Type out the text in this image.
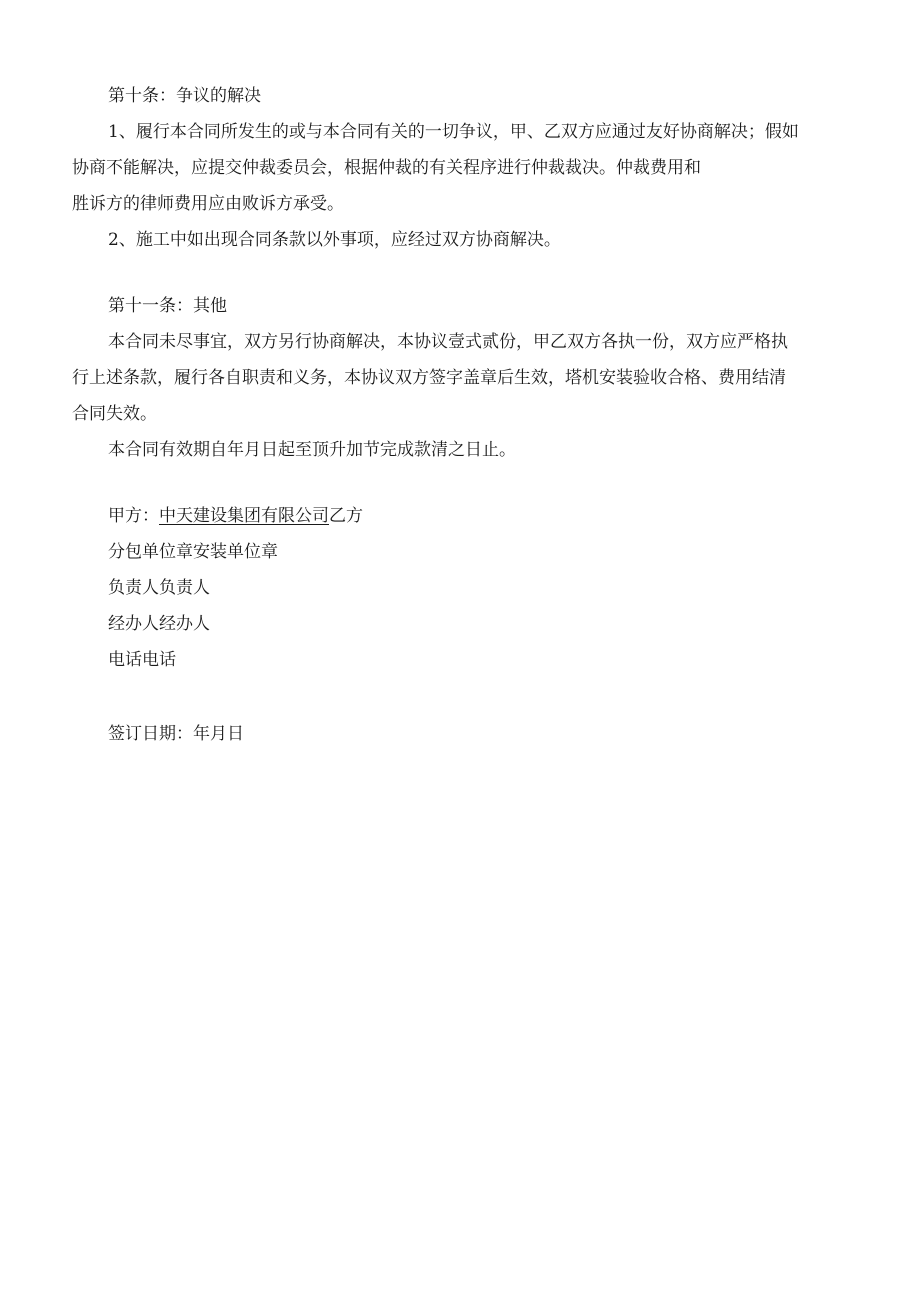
第十条：争议的解决

1、履行本合同所发生的或与本合同有关的一切争议，甲、乙双方应通过友好协商解决；假如

协商不能解决，应提交仲裁委员会，根据仲裁的有关程序进行仲裁裁决。仲裁费用和

胜诉方的律师费用应由败诉方承受。

2、施工中如出现合同条款以外事项，应经过双方协商解决。

第十一条：其他

本合同未尽事宜，双方另行协商解决，本协议壹式贰份，甲乙双方各执一份，双方应严格执

行上述条款，履行各自职责和义务，本协议双方签字盖章后生效，塔机安装验收合格、费用结清

合同失效。

本合同有效期自年月日起至顶升加节完成款清之日止。

甲方：中天建设集团有限公司乙方

分包单位章安装单位章

负责人负责人

经办人经办人

电话电话

签订日期：年月日
